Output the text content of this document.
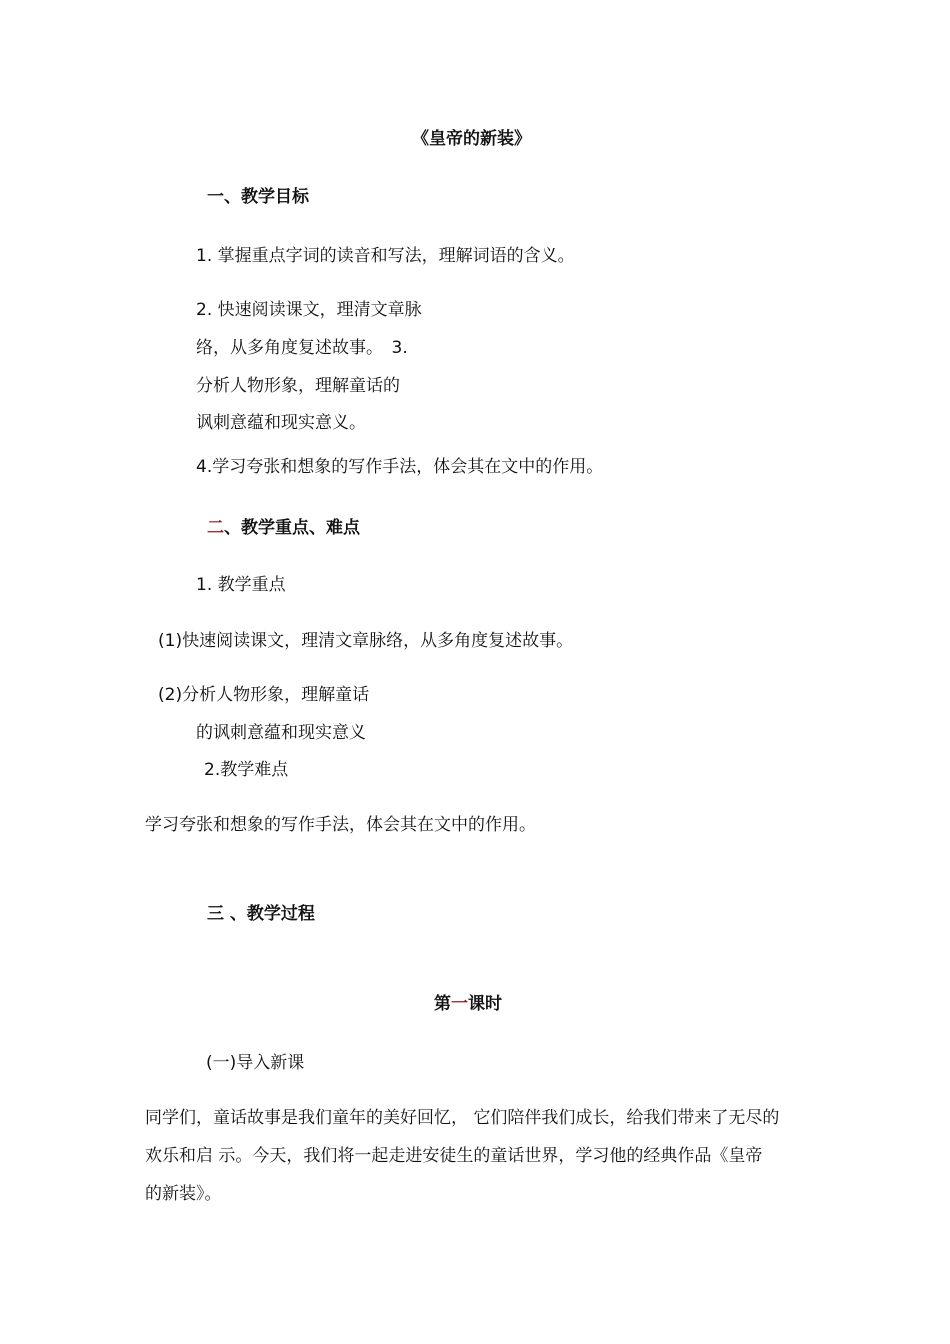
《皇帝的新装》
一、教学目标
1. 掌握重点字词的读音和写法，理解词语的含义。
2. 快速阅读课文，理清文章脉
络，从多角度复述故事。　3.
分析人物形象，理解童话的
讽刺意蕴和现实意义。
4.学习夸张和想象的写作手法，体会其在文中的作用。
二、教学重点、难点
1. 教学重点
(1)快速阅读课文，理清文章脉络，从多角度复述故事。
(2)分析人物形象，理解童话
的讽刺意蕴和现实意义
2.教学难点
学习夸张和想象的写作手法，体会其在文中的作用。
三 、教学过程
第一课时
(一)导入新课
同学们，童话故事是我们童年的美好回忆， 它们陪伴我们成长，给我们带来了无尽的
欢乐和启 示。今天，我们将一起走进安徒生的童话世界，学习他的经典作品《皇帝
的新装》。
